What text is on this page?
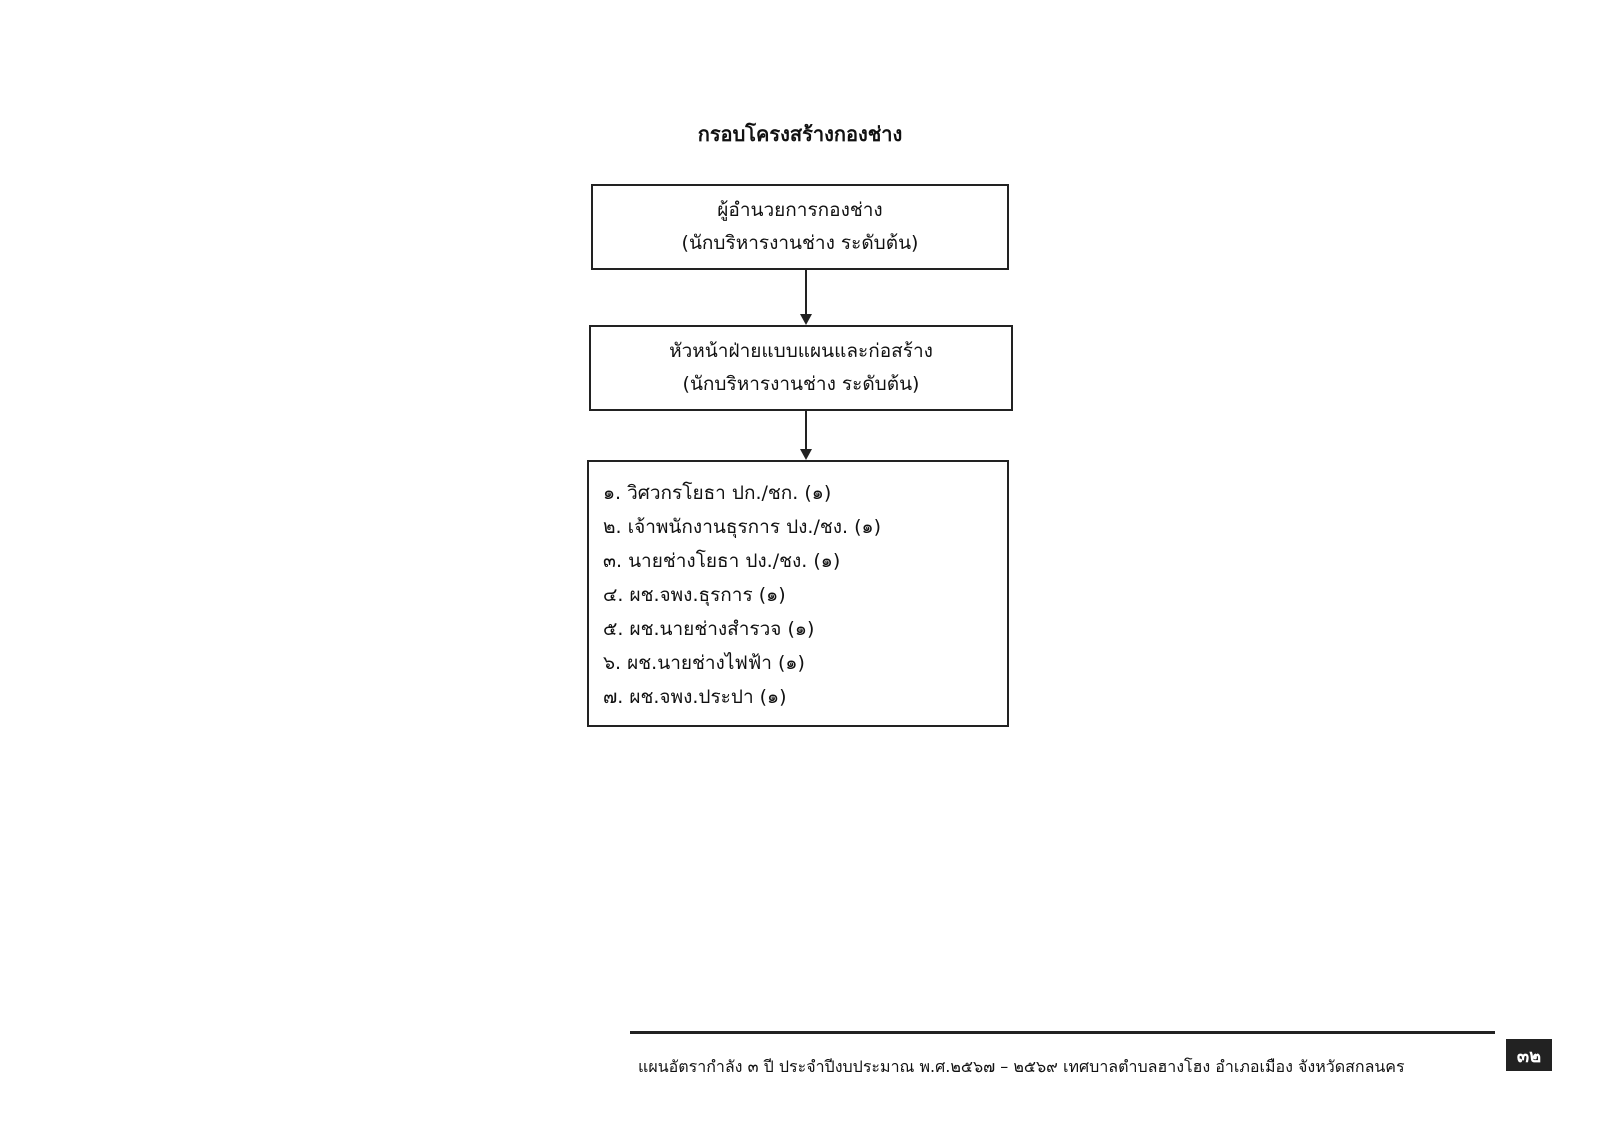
กรอบโครงสร้างกองช่าง
ผู้อำนวยการกองช่าง
(นักบริหารงานช่าง ระดับต้น)
หัวหน้าฝ่ายแบบแผนและก่อสร้าง
(นักบริหารงานช่าง ระดับต้น)
๑. วิศวกรโยธา ปก./ชก. (๑)
๒. เจ้าพนักงานธุรการ ปง./ชง. (๑)
๓. นายช่างโยธา ปง./ชง. (๑)
๔. ผช.จพง.ธุรการ (๑)
๕. ผช.นายช่างสำรวจ (๑)
๖. ผช.นายช่างไฟฟ้า (๑)
๗. ผช.จพง.ประปา (๑)
แผนอัตรากำลัง ๓ ปี ประจำปีงบประมาณ พ.ศ.๒๕๖๗ – ๒๕๖๙ เทศบาลตำบลฮางโฮง อำเภอเมือง จังหวัดสกลนคร	๓๒
